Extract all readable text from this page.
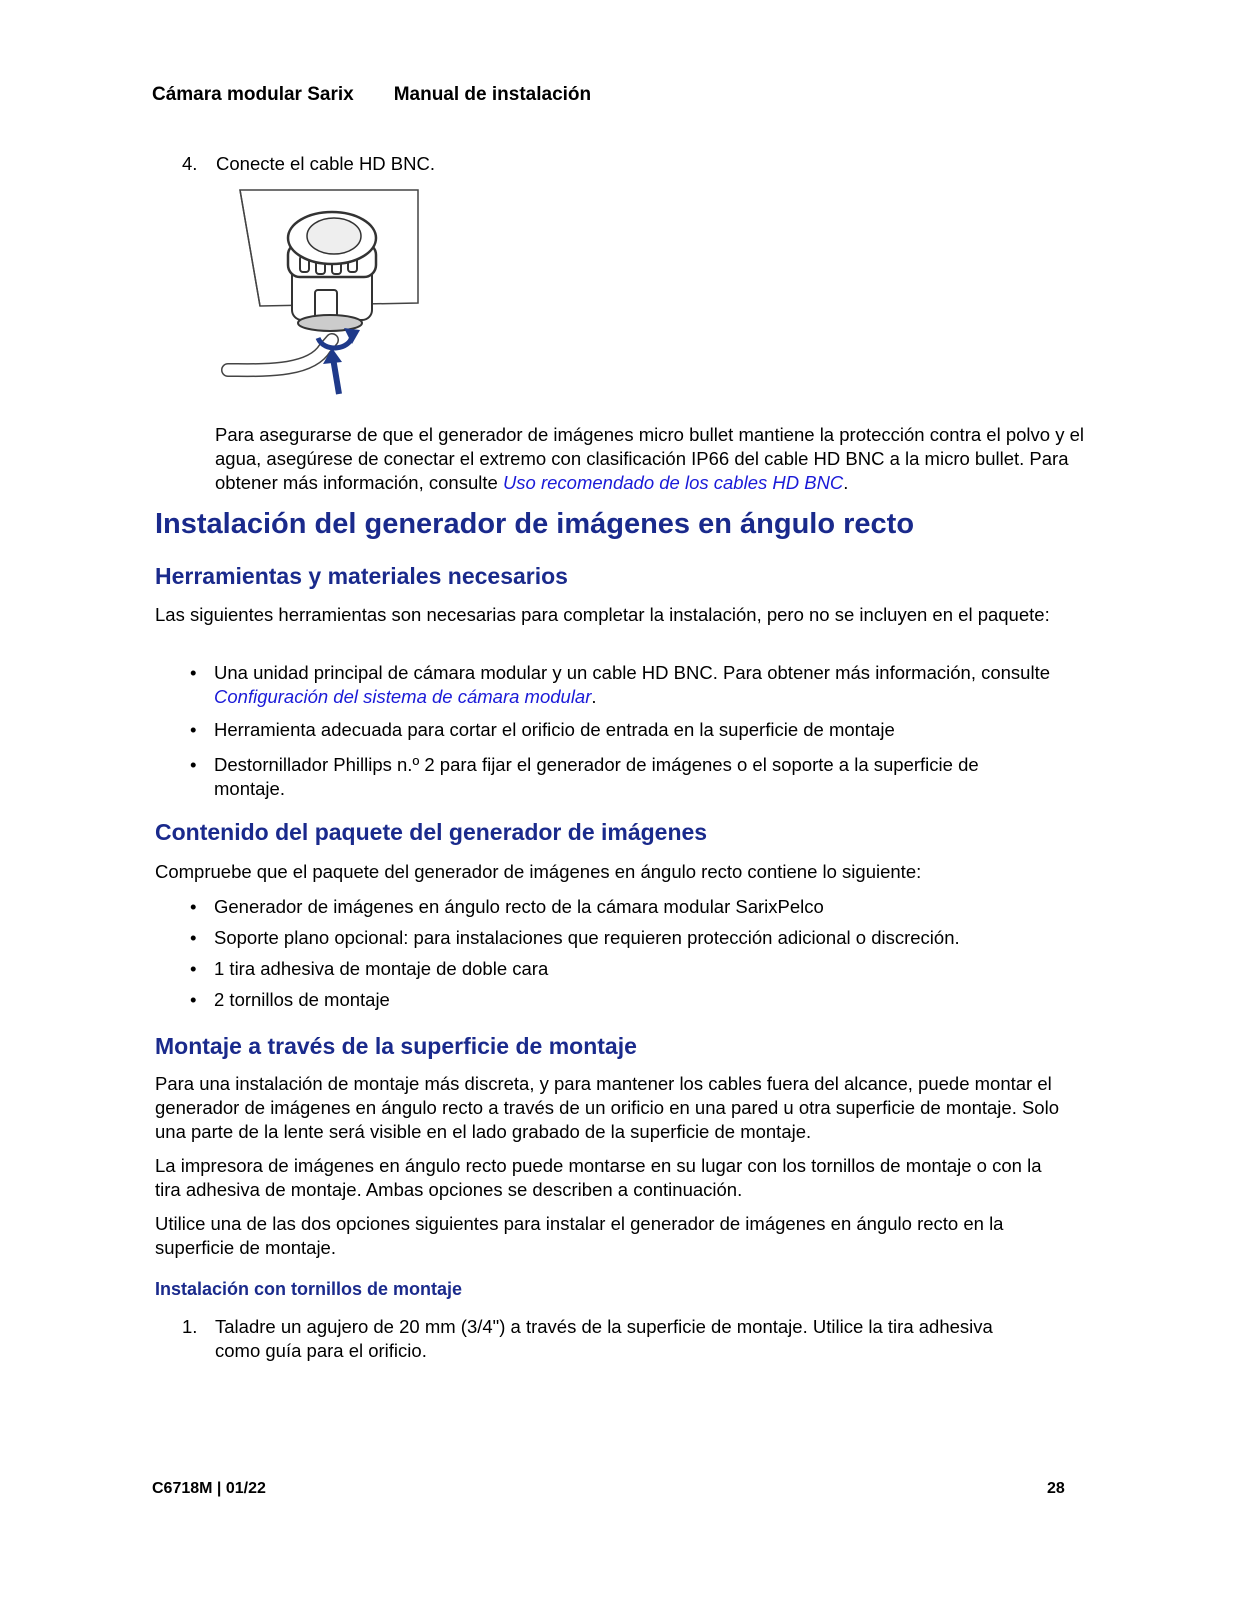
Cámara modular Sarix Manual de instalación
4. Conecte el cable HD BNC.
Para asegurarse de que el generador de imágenes micro bullet mantiene la protección contra el polvo y el agua, asegúrese de conectar el extremo con clasificación IP66 del cable HD BNC a la micro bullet. Para obtener más información, consulte Uso recomendado de los cables HD BNC.
Instalación del generador de imágenes en ángulo recto
Herramientas y materiales necesarios
Las siguientes herramientas son necesarias para completar la instalación, pero no se incluyen en el paquete:
• Una unidad principal de cámara modular y un cable HD BNC. Para obtener más información, consulte Configuración del sistema de cámara modular.
• Herramienta adecuada para cortar el orificio de entrada en la superficie de montaje
• Destornillador Phillips n.º 2 para fijar el generador de imágenes o el soporte a la superficie de montaje.
Contenido del paquete del generador de imágenes
Compruebe que el paquete del generador de imágenes en ángulo recto contiene lo siguiente:
• Generador de imágenes en ángulo recto de la cámara modular SarixPelco
• Soporte plano opcional: para instalaciones que requieren protección adicional o discreción.
• 1 tira adhesiva de montaje de doble cara
• 2 tornillos de montaje
Montaje a través de la superficie de montaje
Para una instalación de montaje más discreta, y para mantener los cables fuera del alcance, puede montar el generador de imágenes en ángulo recto a través de un orificio en una pared u otra superficie de montaje. Solo una parte de la lente será visible en el lado grabado de la superficie de montaje.
La impresora de imágenes en ángulo recto puede montarse en su lugar con los tornillos de montaje o con la tira adhesiva de montaje. Ambas opciones se describen a continuación.
Utilice una de las dos opciones siguientes para instalar el generador de imágenes en ángulo recto en la superficie de montaje.
Instalación con tornillos de montaje
1. Taladre un agujero de 20 mm (3/4") a través de la superficie de montaje. Utilice la tira adhesiva como guía para el orificio.
C6718M | 01/22	28
